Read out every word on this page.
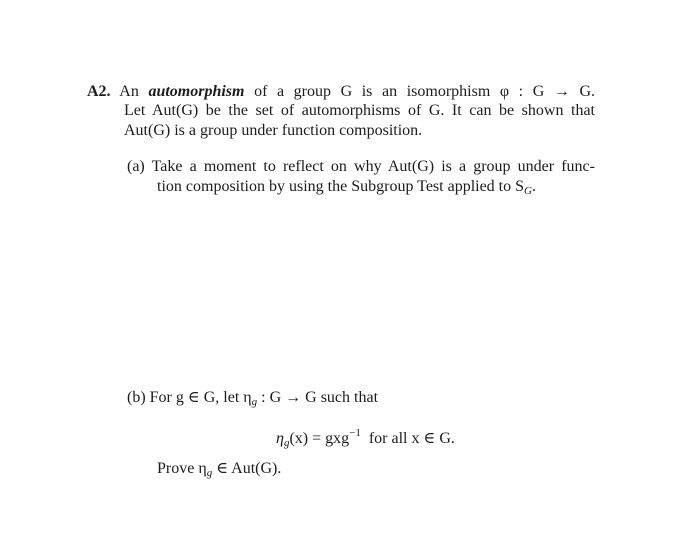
A2. An automorphism of a group G is an isomorphism φ : G → G.
Let Aut(G) be the set of automorphisms of G. It can be shown that
Aut(G) is a group under function composition.
(a) Take a moment to reflect on why Aut(G) is a group under func-
tion composition by using the Subgroup Test applied to $S_G$.
(b) For g ∈ G, let $\eta_g$ : G → G such that
$\eta_g(x) = gxg^{-1}$ for all x ∈ G.
Prove $\eta_g$ ∈ Aut(G).
